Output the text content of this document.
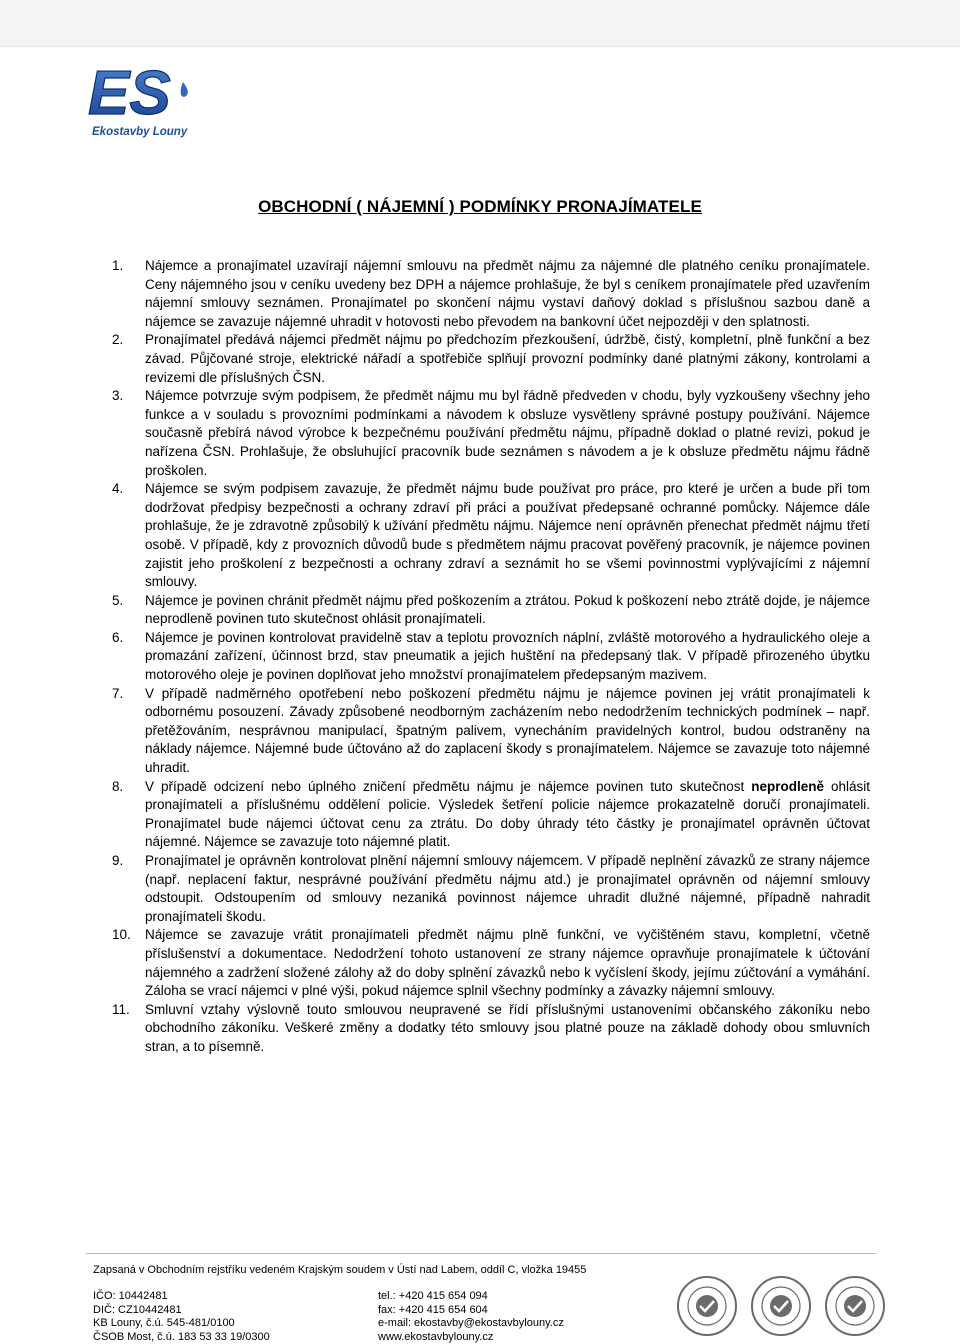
ES
Ekostavby Louny
OBCHODNÍ ( NÁJEMNÍ ) PODMÍNKY PRONAJÍMATELE
1.	Nájemce a pronajímatel uzavírají nájemní smlouvu na předmět nájmu za nájemné dle platného ceníku pronajímatele. Ceny nájemného jsou v ceníku uvedeny bez DPH a nájemce prohlašuje, že byl s ceníkem pronajímatele před uzavřením nájemní smlouvy seznámen. Pronajímatel po skončení nájmu vystaví daňový doklad s příslušnou sazbou daně a nájemce se zavazuje nájemné uhradit v hotovosti nebo převodem na bankovní účet nejpozději v den splatnosti.
2.	Pronajímatel předává nájemci předmět nájmu po předchozím přezkoušení, údržbě, čistý, kompletní, plně funkční a bez závad. Půjčované stroje, elektrické nářadí a spotřebiče splňují provozní podmínky dané platnými zákony, kontrolami a revizemi dle příslušných ČSN.
3.	Nájemce potvrzuje svým podpisem, že předmět nájmu mu byl řádně předveden v chodu, byly vyzkoušeny všechny jeho funkce a v souladu s provozními podmínkami a návodem k obsluze vysvětleny správné postupy používání. Nájemce současně přebírá návod výrobce k bezpečnému používání předmětu nájmu, případně doklad o platné revizi, pokud je nařízena ČSN. Prohlašuje, že obsluhující pracovník bude seznámen s návodem a je k obsluze předmětu nájmu řádně proškolen.
4.	Nájemce se svým podpisem zavazuje, že předmět nájmu bude používat pro práce, pro které je určen a bude při tom dodržovat předpisy bezpečnosti a ochrany zdraví při práci a používat předepsané ochranné pomůcky. Nájemce dále prohlašuje, že je zdravotně způsobilý k užívání předmětu nájmu. Nájemce není oprávněn přenechat předmět nájmu třetí osobě. V případě, kdy z provozních důvodů bude s předmětem nájmu pracovat pověřený pracovník, je nájemce povinen zajistit jeho proškolení z bezpečnosti a ochrany zdraví a seznámit ho se všemi povinnostmi vyplývajícími z nájemní smlouvy.
5.	Nájemce je povinen chránit předmět nájmu před poškozením a ztrátou. Pokud k poškození nebo ztrátě dojde, je nájemce neprodleně povinen tuto skutečnost ohlásit pronajímateli.
6.	Nájemce je povinen kontrolovat pravidelně stav a teplotu provozních náplní, zvláště motorového a hydraulického oleje a promazání zařízení, účinnost brzd, stav pneumatik a jejich huštění na předepsaný tlak. V případě přirozeného úbytku motorového oleje je povinen doplňovat jeho množství pronajímatelem předepsaným mazivem.
7.	V případě nadměrného opotřebení nebo poškození předmětu nájmu je nájemce povinen jej vrátit pronajímateli k odbornému posouzení. Závady způsobené neodborným zacházením nebo nedodržením technických podmínek – např. přetěžováním, nesprávnou manipulací, špatným palivem, vynecháním pravidelných kontrol, budou odstraněny na náklady nájemce. Nájemné bude účtováno až do zaplacení škody s pronajímatelem. Nájemce se zavazuje toto nájemné uhradit.
8.	V případě odcizení nebo úplného zničení předmětu nájmu je nájemce povinen tuto skutečnost neprodleně ohlásit pronajímateli a příslušnému oddělení policie. Výsledek šetření policie nájemce prokazatelně doručí pronajímateli. Pronajímatel bude nájemci účtovat cenu za ztrátu. Do doby úhrady této částky je pronajímatel oprávněn účtovat nájemné. Nájemce se zavazuje toto nájemné platit.
9.	Pronajímatel je oprávněn kontrolovat plnění nájemní smlouvy nájemcem. V případě neplnění závazků ze strany nájemce (např. neplacení faktur, nesprávné používání předmětu nájmu atd.) je pronajímatel oprávněn od nájemní smlouvy odstoupit. Odstoupením od smlouvy nezaniká povinnost nájemce uhradit dlužné nájemné, případně nahradit pronajímateli škodu.
10.	Nájemce se zavazuje vrátit pronajímateli předmět nájmu plně funkční, ve vyčištěném stavu, kompletní, včetně příslušenství a dokumentace. Nedodržení tohoto ustanovení ze strany nájemce opravňuje pronajímatele k účtování nájemného a zadržení složené zálohy až do doby splnění závazků nebo k vyčíslení škody, jejímu zúčtování a vymáhání. Záloha se vrací nájemci v plné výši, pokud nájemce splnil všechny podmínky a závazky nájemní smlouvy.
11.	Smluvní vztahy výslovně touto smlouvou neupravené se řídí příslušnými ustanoveními občanského zákoníku nebo obchodního zákoníku. Veškeré změny a dodatky této smlouvy jsou platné pouze na základě dohody obou smluvních stran, a to písemně.
Zapsaná v Obchodním rejstříku vedeném Krajským soudem v Ústí nad Labem, oddíl C, vložka 19455
IČO: 10442481
DIČ: CZ10442481
KB Louny, č.ú. 545-481/0100
ČSOB Most, č.ú. 183 53 33 19/0300
tel.: +420 415 654 094
fax: +420 415 654 604
e-mail: ekostavby@ekostavbylouny.cz
www.ekostavbylouny.cz
